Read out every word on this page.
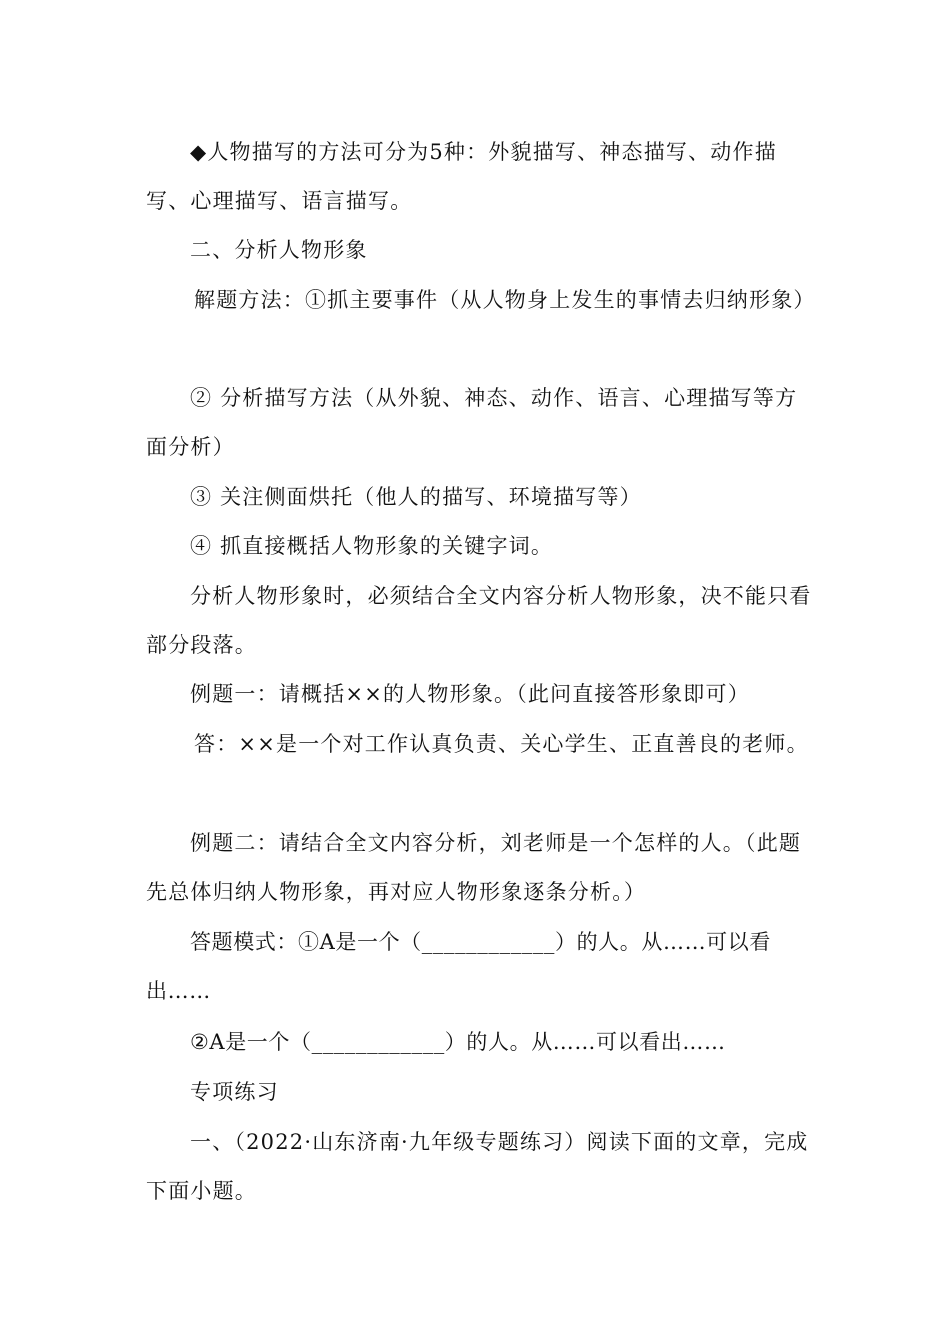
◆人物描写的方法可分为5种：外貌描写、神态描写、动作描写、心理描写、语言描写。

二、分析人物形象

解题方法：①抓主要事件（从人物身上发生的事情去归纳形象）

② 分析描写方法（从外貌、神态、动作、语言、心理描写等方面分析）

③ 关注侧面烘托（他人的描写、环境描写等）

④ 抓直接概括人物形象的关键字词。

分析人物形象时，必须结合全文内容分析人物形象，决不能只看部分段落。

例题一：请概括××的人物形象。（此问直接答形象即可）

答：××是一个对工作认真负责、关心学生、正直善良的老师。

例题二：请结合全文内容分析，刘老师是一个怎样的人。（此题先总体归纳人物形象，再对应人物形象逐条分析。）

答题模式：①A是一个（____________）的人。从……可以看出……

②A是一个（____________）的人。从……可以看出……

专项练习

一、（2022·山东济南·九年级专题练习）阅读下面的文章，完成下面小题。
